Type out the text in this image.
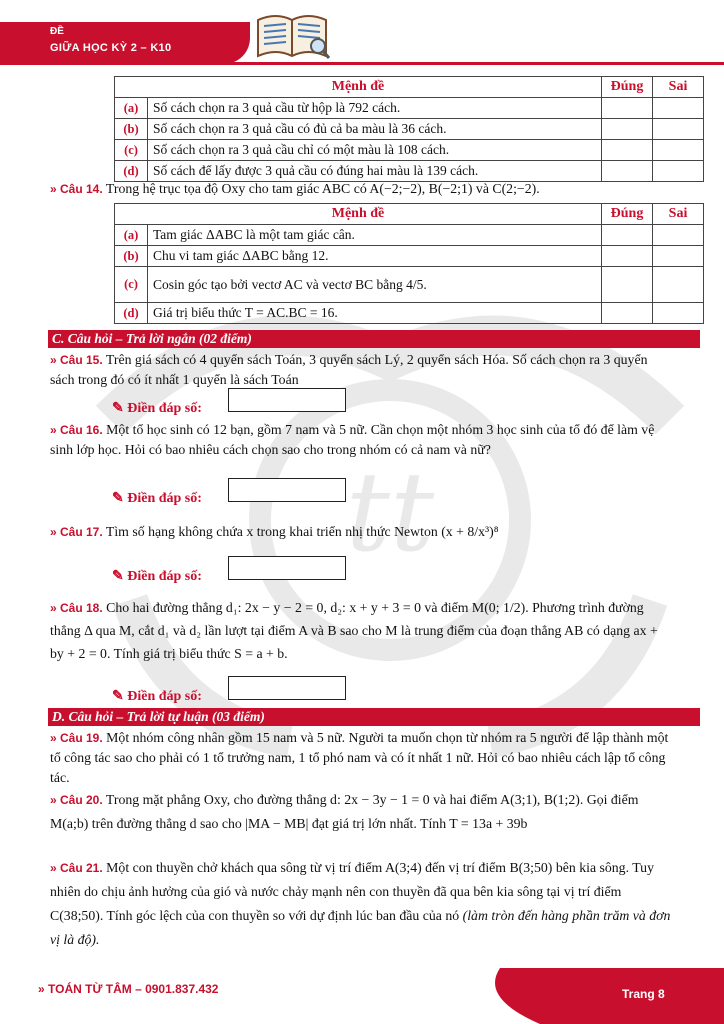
ĐỀ
GIỮA HỌC KỲ 2 – K10
tt
Mệnh đề		Đúng	Sai
(a)	Số cách chọn ra 3 quả cầu từ hộp là 792 cách.		
(b)	Số cách chọn ra 3 quả cầu có đủ cả ba màu là 36 cách.		
(c)	Số cách chọn ra 3 quả cầu chỉ có một màu là 108 cách.		
(d)	Số cách để lấy được 3 quả cầu có đúng hai màu là 139 cách.		
» Câu 14. Trong hệ trục tọa độ Oxy cho tam giác ABC có A(−2;−2), B(−2;1) và C(2;−2).
Mệnh đề		Đúng	Sai
(a)	Tam giác ΔABC là một tam giác cân.		
(b)	Chu vi tam giác ΔABC bằng 12.		
(c)	Cosin góc tạo bởi vectơ AC và vectơ BC bằng 4/5.		
(d)	Giá trị biểu thức T = AC.BC = 16.		
C. Câu hỏi – Trả lời ngắn (02 điểm)
» Câu 15. Trên giá sách có 4 quyển sách Toán, 3 quyển sách Lý, 2 quyển sách Hóa. Số cách chọn ra 3 quyển sách trong đó có ít nhất 1 quyển là sách Toán
✎ Điền đáp số:
» Câu 16. Một tổ học sinh có 12 bạn, gồm 7 nam và 5 nữ. Cần chọn một nhóm 3 học sinh của tổ đó để làm vệ sinh lớp học. Hỏi có bao nhiêu cách chọn sao cho trong nhóm có cả nam và nữ?
✎ Điền đáp số:
» Câu 17. Tìm số hạng không chứa x trong khai triển nhị thức Newton (x + 8/x³)⁸
✎ Điền đáp số:
» Câu 18. Cho hai đường thẳng d₁: 2x − y − 2 = 0, d₂: x + y + 3 = 0 và điểm M(0; 1/2). Phương trình đường thẳng Δ qua M, cắt d₁ và d₂ lần lượt tại điểm A và B sao cho M là trung điểm của đoạn thẳng AB có dạng ax + by + 2 = 0. Tính giá trị biểu thức S = a + b.
✎ Điền đáp số:
D. Câu hỏi – Trả lời tự luận (03 điểm)
» Câu 19. Một nhóm công nhân gồm 15 nam và 5 nữ. Người ta muốn chọn từ nhóm ra 5 người để lập thành một tổ công tác sao cho phải có 1 tổ trưởng nam, 1 tổ phó nam và có ít nhất 1 nữ. Hỏi có bao nhiêu cách lập tổ công tác.
» Câu 20. Trong mặt phẳng Oxy, cho đường thẳng d: 2x − 3y − 1 = 0 và hai điểm A(3;1), B(1;2). Gọi điểm M(a;b) trên đường thẳng d sao cho |MA − MB| đạt giá trị lớn nhất. Tính T = 13a + 39b
» Câu 21. Một con thuyền chở khách qua sông từ vị trí điểm A(3;4) đến vị trí điểm B(3;50) bên kia sông. Tuy nhiên do chịu ảnh hưởng của gió và nước chảy mạnh nên con thuyền đã qua bên kia sông tại vị trí điểm C(38;50). Tính góc lệch của con thuyền so với dự định lúc ban đầu của nó (làm tròn đến hàng phần trăm và đơn vị là độ).
» TOÁN TỪ TÂM – 0901.837.432	Trang 8
